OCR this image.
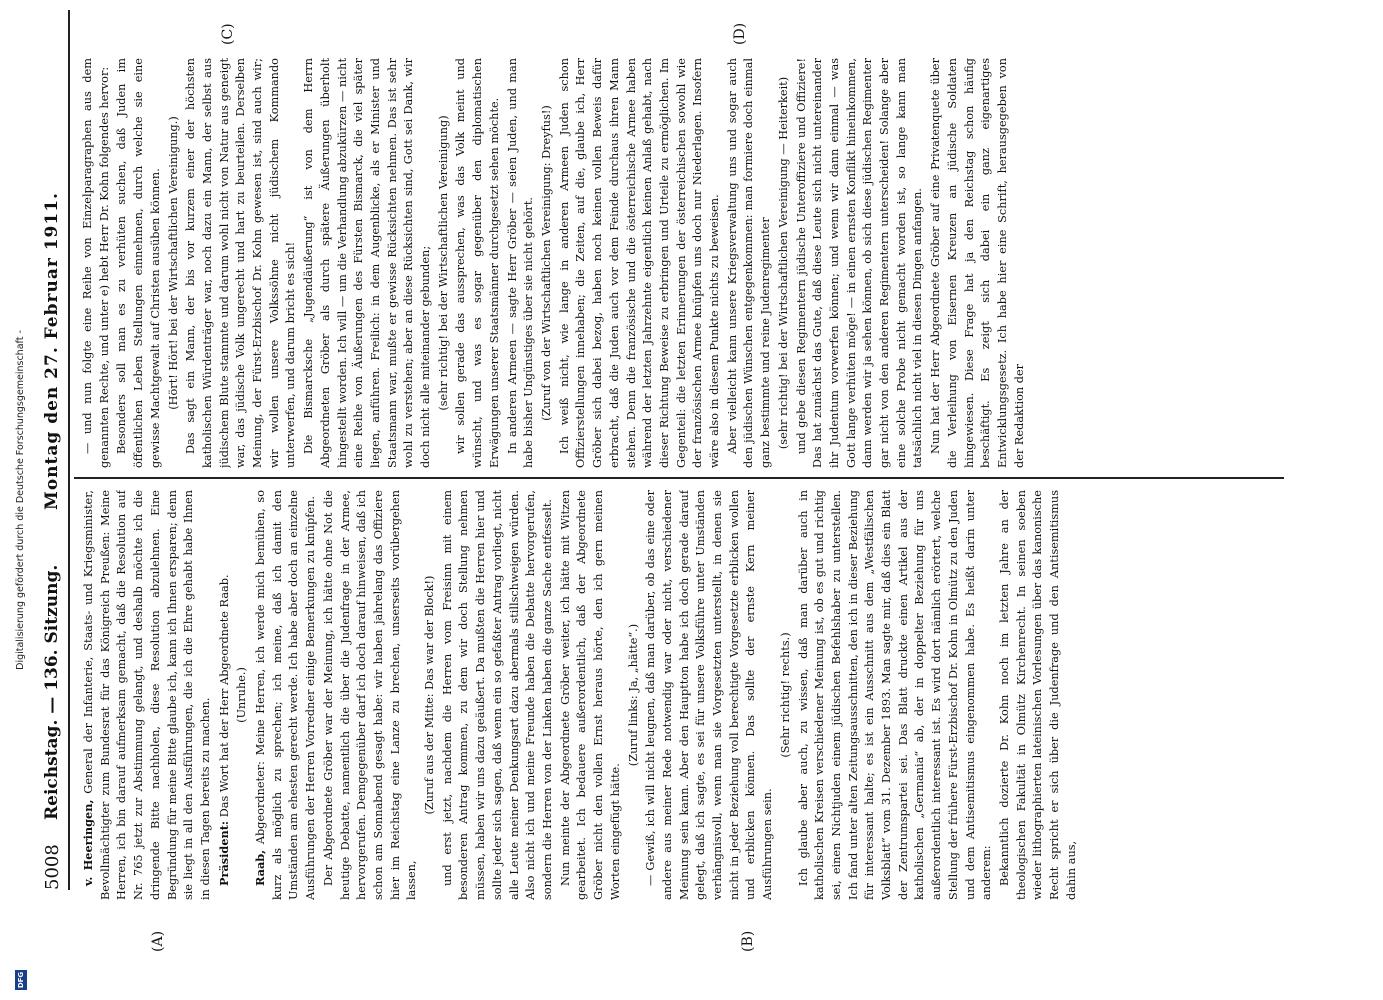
DFG
Digitalisierung gefördert durch die Deutsche Forschungsgemeinschaft -
5008
Reichstag. — 136. Sitzung.
Montag den 27. Februar 1911.
(A)	(B)
(C)	(D)

v. Heeringen, General der Infanterie, Staats- und Kriegsminister, Bevollmächtigter zum Bundesrat für das Königreich Preußen: Meine Herren, ich bin darauf aufmerksam gemacht, daß die Resolution auf Nr. 765 jetzt zur Abstimmung gelangt, und deshalb möchte ich die dringende Bitte nachholen, diese Resolution abzulehnen. Eine Begründung für meine Bitte glaube ich, kann ich Ihnen ersparen; denn sie liegt in all den Ausführungen, die ich die Ehre gehabt habe Ihnen in diesen Tagen bereits zu machen. Präsident: Das Wort hat der Herr Abgeordnete Raab. (Unruhe.)

Raab, Abgeordneter: Meine Herren, ich werde mich bemühen, so kurz als möglich zu sprechen; ich meine, daß ich damit den Umständen am ehesten gerecht werde. Ich habe aber doch an einzelne Ausführungen der Herren Vorredner einige Bemerkungen zu knüpfen. Der Abgeordnete Gröber war der Meinung, ich hätte ohne Not die heutige Debatte, namentlich die über die Judenfrage in der Armee, hervorgerufen. Demgegenüber darf ich doch darauf hinweisen, daß ich schon am Sonnabend gesagt habe: wir haben jahrelang das Offiziere hier im Reichstag eine Lanze zu brechen, unserseits vorübergehen lassen,

(Zuruf aus der Mitte: Das war der Block!) und erst jetzt, nachdem die Herren vom Freisinn mit einem besonderen Antrag kommen, zu dem wir doch Stellung nehmen müssen, haben wir uns dazu geäußert. Da mußten die Herren hier und sollte jeder sich sagen, daß wenn ein so gefaßter Antrag vorliegt, nicht alle Leute meiner Denkungsart dazu abermals stillschweigen würden. Also nicht ich und meine Freunde haben die Debatte hervorgerufen, sondern die Herren von der Linken haben die ganze Sache entfesselt. Nun meinte der Abgeordnete Gröber weiter, ich hätte mit Witzen gearbeitet. Ich bedauere außerordentlich, daß der Abgeordnete Gröber nicht den vollen Ernst heraus hörte, den ich gern meinen Worten eingefügt hätte.

(Zuruf links: Ja, „hätte“.) — Gewiß, ich will nicht leugnen, daß man darüber, ob das eine oder andere aus meiner Rede notwendig war oder nicht, verschiedener Meinung sein kann. Aber den Hauptton habe ich doch gerade darauf gelegt, daß ich sagte, es sei für unsere Volksführe unter Umständen verhängnisvoll, wenn man sie Vorgesetzten unterstellt, in denen sie nicht in jeder Beziehung voll berechtigte Vorgesetzte erblicken wollen und erblicken können. Das sollte der ernste Kern meiner Ausführungen sein.

(Sehr richtig! rechts.) Ich glaube aber auch, zu wissen, daß man darüber auch in katholischen Kreisen verschiedener Meinung ist, ob es gut und richtig sei, einen Nichtjuden einem jüdischen Befehlshaber zu unterstellen. Ich fand unter alten Zeitungsausschnitten, den ich in dieser Beziehung für interessant halte; es ist ein Ausschnitt aus dem „Westfälischen Volksblatt“ vom 31. Dezember 1893. Man sagte mir, daß dies ein Blatt der Zentrumspartei sei. Das Blatt druckte einen Artikel aus der katholischen „Germania“ ab, der in doppelter Beziehung für uns außerordentlich interessant ist. Es wird dort nämlich erörtert, welche Stellung der frühere Fürst-Erzbischof Dr. Kohn in Olmütz zu den Juden und dem Antisemitismus eingenommen habe. Es heißt darin unter anderem: Bekanntlich dozierte Dr. Kohn noch im letzten Jahre an der theologischen Fakultät in Olmütz Kirchenrecht. In seinen soeben wieder lithographierten lateinischen Vorlesungen über das kanonische Recht spricht er sich über die Judenfrage und den Antisemitismus dahin aus,

— und nun folgte eine Reihe von Einzelparagraphen aus dem genannten Rechte, und unter e) hebt Herr Dr. Kohn folgendes hervor: Besonders soll man es zu verhüten suchen, daß Juden im öffentlichen Leben Stellungen einnehmen, durch welche sie eine gewisse Machtgewalt auf Christen ausüben können. (Hört! Hört! bei der Wirtschaftlichen Vereinigung.) Das sagt ein Mann, der bis vor kurzem einer der höchsten katholischen Würdenträger war, noch dazu ein Mann, der selbst aus jüdischem Blute stammte und darum wohl nicht von Natur aus geneigt war, das jüdische Volk ungerecht und hart zu beurteilen. Derselben Meinung, der Fürst-Erzbischof Dr. Kohn gewesen ist, sind auch wir; wir wollen unsere Volkssöhne nicht jüdischem Kommando unterwerfen, und darum bricht es sich! Die Bismarcksche „Jugendäußerung“ ist von dem Herrn Abgeordneten Gröber als durch spätere Äußerungen überholt hingestellt worden. Ich will — um die Verhandlung abzukürzen — nicht eine Reihe von Äußerungen des Fürsten Bismarck, die viel später liegen, anführen. Freilich: in dem Augenblicke, als er Minister und Staatsmann war, mußte er gewisse Rücksichten nehmen. Das ist sehr wohl zu verstehen; aber an diese Rücksichten sind, Gott sei Dank, wir doch nicht alle miteinander gebunden; (sehr richtig! bei der Wirtschaftlichen Vereinigung) wir sollen gerade das aussprechen, was das Volk meint und wünscht, und was es sogar gegenüber den diplomatischen Erwägungen unserer Staatsmänner durchgesetzt sehen möchte. In anderen Armeen — sagte Herr Gröber — seien Juden, und man habe bisher Ungünstiges über sie nicht gehört. (Zuruf von der Wirtschaftlichen Vereinigung: Dreyfus!) Ich weiß nicht, wie lange in anderen Armeen Juden schon Offizierstellungen innehaben; die Zeiten, auf die, glaube ich, Herr Gröber sich dabei bezog, haben noch keinen vollen Beweis dafür erbracht, daß die Juden auch vor dem Feinde durchaus ihren Mann stehen. Denn die französische und die österreichische Armee haben während der letzten Jahrzehnte eigentlich keinen Anlaß gehabt, nach dieser Richtung Beweise zu erbringen und Urteile zu ermöglichen. Im Gegenteil: die letzten Erinnerungen der österreichischen sowohl wie der französischen Armee knüpfen uns doch nur Niederlagen. Insofern wäre also in diesem Punkte nichts zu beweisen. Aber vielleicht kann unsere Kriegsverwaltung uns und sogar auch den jüdischen Wünschen entgegenkommen: man formiere doch einmal ganz bestimmte und reine Judenregimenter (sehr richtig! bei der Wirtschaftlichen Vereinigung — Heiterkeit) und gebe diesen Regimentern jüdische Unteroffiziere und Offiziere! Das hat zunächst das Gute, daß diese Leute sich nicht untereinander ihr Judentum vorwerfen können; und wenn wir dann einmal — was Gott lange verhüten möge! — in einen ernsten Konflikt hineinkommen, dann werden wir ja sehen können, ob sich diese jüdischen Regimenter gar nicht von den anderen Regimentern unterscheiden! Solange aber eine solche Probe nicht gemacht worden ist, so lange kann man tatsächlich nicht viel in diesen Dingen anfangen. Nun hat der Herr Abgeordnete Gröber auf eine Privatenquete über die Verleihung von Eisernen Kreuzen an jüdische Soldaten hingewiesen. Diese Frage hat ja den Reichstag schon häufig beschäftigt. Es zeigt sich dabei ein ganz eigenartiges Entwicklungsgesetz. Ich habe hier eine Schrift, herausgegeben von der Redaktion der
